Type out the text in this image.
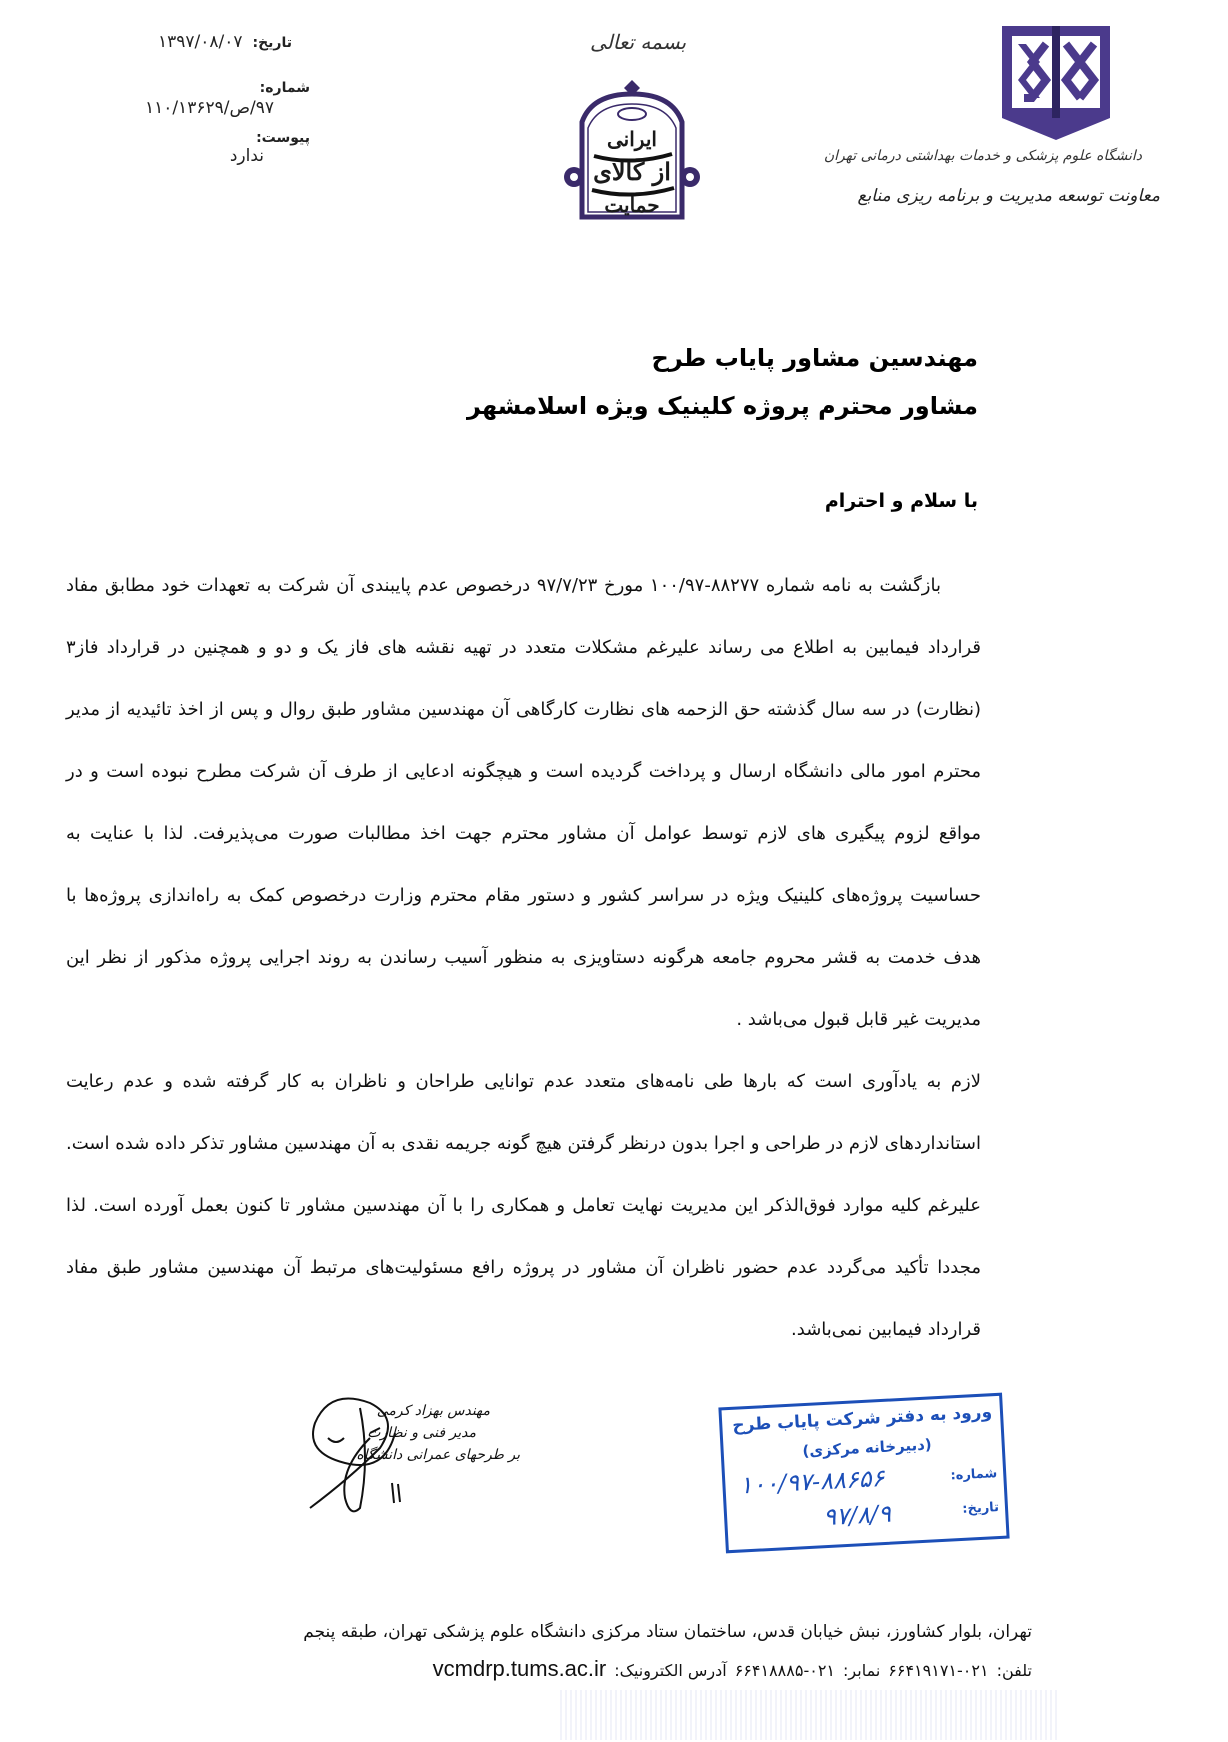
تاریخ:
۱۳۹۷/۰۸/۰۷
شماره:
۹۷/ص/۱۱۰/۱۳۶۲۹
پیوست:
ندارد
بسمه تعالی
ایرانی
از کالای
حمایت
دانشگاه علوم پزشکی و خدمات بهداشتی درمانی تهران
معاونت توسعه مدیریت و برنامه ریزی منابع
مهندسین مشاور پایاب طرح
مشاور محترم پروژه کلینیک ویژه اسلامشهر
با سلام و احترام

بازگشت به نامه شماره ۸۸۲۷۷-۱۰۰/۹۷ مورخ ۹۷/۷/۲۳ درخصوص عدم پایبندی آن شرکت به تعهدات خود مطابق مفاد قرارداد فیمابین به اطلاع می رساند علیرغم مشکلات متعدد در تهیه نقشه های فاز یک و دو و همچنین در قرارداد فاز۳ (نظارت) در سه سال گذشته حق الزحمه های نظارت کارگاهی آن مهندسین مشاور طبق روال و پس از اخذ تائیدیه از مدیر محترم امور مالی دانشگاه ارسال و پرداخت گردیده است و هیچگونه ادعایی از طرف آن شرکت مطرح نبوده است و در مواقع لزوم پیگیری های لازم توسط عوامل آن مشاور محترم جهت اخذ مطالبات صورت می‌پذیرفت. لذا با عنایت به حساسیت پروژه‌های کلینیک ویژه در سراسر کشور و دستور مقام محترم وزارت درخصوص کمک به راه‌اندازی پروژه‌ها با هدف خدمت به قشر محروم جامعه هرگونه دستاویزی به منظور آسیب رساندن به روند اجرایی پروژه مذکور از نظر این مدیریت غیر قابل قبول می‌باشد .

لازم به یادآوری است که بارها طی نامه‌های متعدد عدم توانایی طراحان و ناظران به کار گرفته شده و عدم رعایت استانداردهای لازم در طراحی و اجرا بدون درنظر گرفتن هیچ گونه جریمه نقدی به آن مهندسین مشاور تذکر داده شده است. علیرغم کلیه موارد فوق‌الذکر این مدیریت نهایت تعامل و همکاری را با آن مهندسین مشاور تا کنون بعمل آورده است. لذا مجددا تأکید می‌گردد عدم حضور ناظران آن مشاور در پروژه رافع مسئولیت‌های مرتبط آن مهندسین مشاور طبق مفاد قرارداد فیمابین نمی‌باشد.

مهندس بهزاد کرمی
مدیر فنی و نظارت
بر طرحهای عمرانی دانشگاه
ورود به دفتر شرکت پایاب طرح
(دبیرخانه مرکزی)
شماره:
۱۰۰/۹۷-۸۸۶۵۶
تاریخ:
۹۷/۸/۹
تهران، بلوار کشاورز، نبش خیابان قدس، ساختمان ستاد مرکزی دانشگاه علوم پزشکی تهران، طبقه پنجم
تلفن:
۶۶۴۱۹۱۷۱-۰۲۱
نمابر:
۶۶۴۱۸۸۸۵-۰۲۱
آدرس الکترونیک:
vcmdrp.tums.ac.ir
